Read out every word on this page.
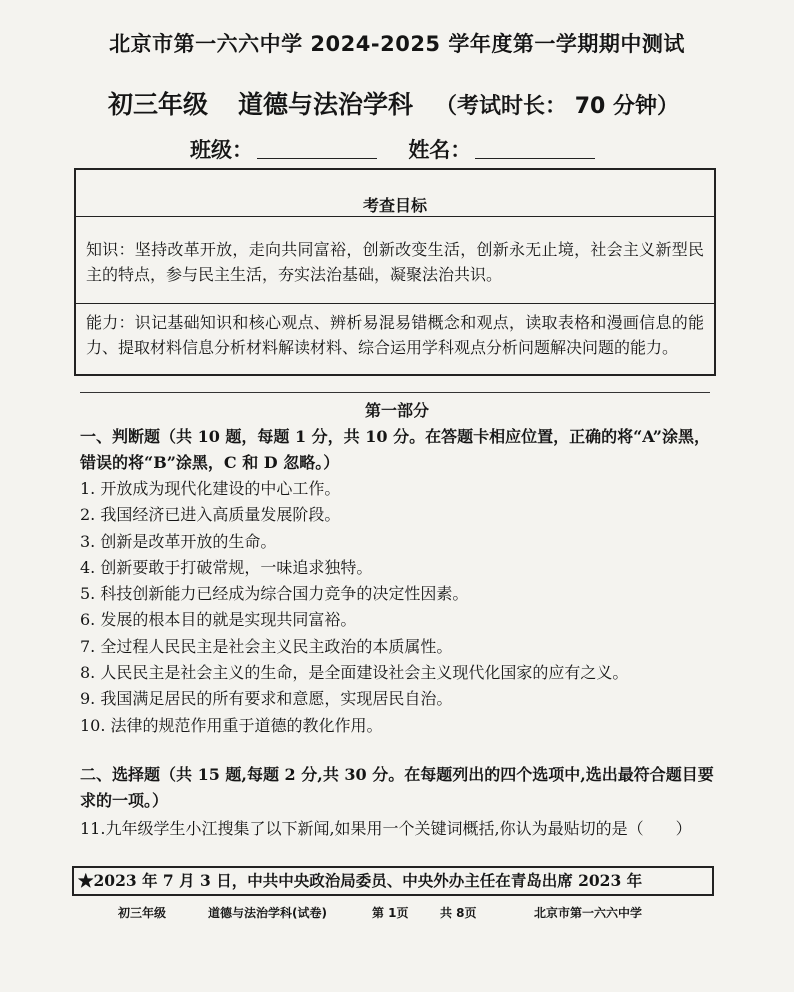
北京市第一六六中学 2024-2025 学年度第一学期期中测试
初三年级 道德与法治学科 （考试时长： 70 分钟）
班级：	姓名：
考查目标
知识：坚持改革开放，走向共同富裕，创新改变生活，创新永无止境，社会主义新型民主的特点，参与民主生活，夯实法治基础，凝聚法治共识。
能力：识记基础知识和核心观点、辨析易混易错概念和观点，读取表格和漫画信息的能力、提取材料信息分析材料解读材料、综合运用学科观点分析问题解决问题的能力。
第一部分
一、判断题（共 10 题，每题 1 分，共 10 分。在答题卡相应位置，正确的将“A”涂黑，错误的将“B”涂黑，C 和 D 忽略。）
1. 开放成为现代化建设的中心工作。
2. 我国经济已进入高质量发展阶段。
3. 创新是改革开放的生命。
4. 创新要敢于打破常规，一味追求独特。
5. 科技创新能力已经成为综合国力竞争的决定性因素。
6. 发展的根本目的就是实现共同富裕。
7. 全过程人民民主是社会主义民主政治的本质属性。
8. 人民民主是社会主义的生命，是全面建设社会主义现代化国家的应有之义。
9. 我国满足居民的所有要求和意愿，实现居民自治。
10. 法律的规范作用重于道德的教化作用。
二、选择题（共 15 题,每题 2 分,共 30 分。在每题列出的四个选项中,选出最符合题目要求的一项。）
11.九年级学生小江搜集了以下新闻,如果用一个关键词概括,你认为最贴切的是（　　）
★2023 年 7 月 3 日，中共中央政治局委员、中央外办主任在青岛出席 2023 年
初三年级	道德与法治学科(试卷)	第 1页	共 8页	北京市第一六六中学
